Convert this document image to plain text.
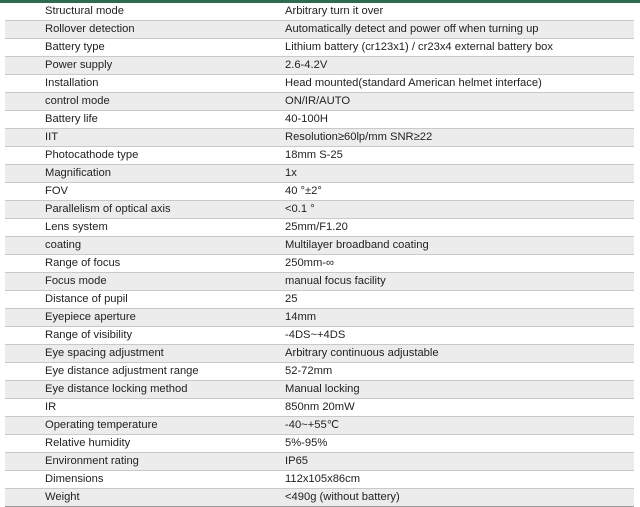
Structural mode	Arbitrary turn it over
Rollover detection	Automatically detect and power off when turning up
Battery type	Lithium battery (cr123x1) / cr23x4 external battery box
Power supply	2.6-4.2V
Installation	Head mounted(standard American helmet interface)
control mode	ON/IR/AUTO
Battery life	40-100H
IIT	Resolution≥60lp/mm SNR≥22
Photocathode type	18mm S-25
Magnification	1x
FOV	40 °±2°
Parallelism of optical axis	<0.1 °
Lens system	25mm/F1.20
coating	Multilayer broadband coating
Range of focus	250mm-∞
Focus mode	manual focus facility
Distance of pupil	25
Eyepiece aperture	14mm
Range of visibility	-4DS~+4DS
Eye spacing adjustment	Arbitrary continuous adjustable
Eye distance adjustment range	52-72mm
Eye distance locking method	Manual locking
IR	850nm 20mW
Operating temperature	-40~+55℃
Relative humidity	5%-95%
Environment rating	IP65
Dimensions	112x105x86cm
Weight	<490g (without battery)
